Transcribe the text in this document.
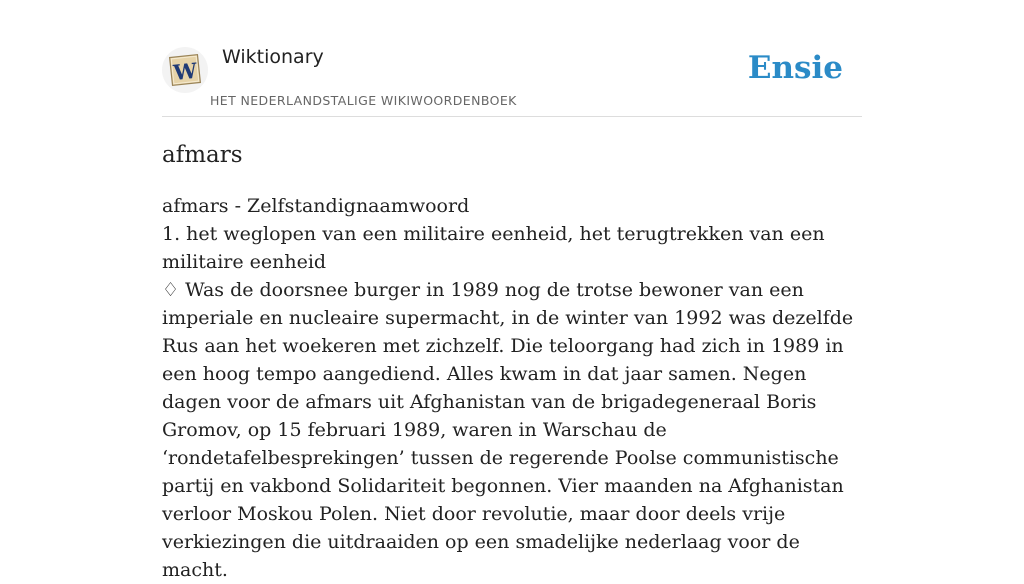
W
Wiktionary
HET NEDERLANDSTALIGE WIKIWOORDENBOEK
Ensie
afmars
afmars - Zelfstandignaamwoord
1. het weglopen van een militaire eenheid, het terugtrekken van een militaire eenheid
♢ Was de doorsnee burger in 1989 nog de trotse bewoner van een imperiale en nucleaire supermacht, in de winter van 1992 was dezelfde Rus aan het woekeren met zichzelf. Die teloorgang had zich in 1989 in een hoog tempo aangediend. Alles kwam in dat jaar samen. Negen dagen voor de afmars uit Afghanistan van de brigadegeneraal Boris Gromov, op 15 februari 1989, waren in Warschau de ‘rondetafelbesprekingen’ tussen de regerende Poolse communistische partij en vakbond Solidariteit begonnen. Vier maanden na Afghanistan verloor Moskou Polen. Niet door revolutie, maar door deels vrije verkiezingen die uitdraaiden op een smadelijke nederlaag voor de macht.
